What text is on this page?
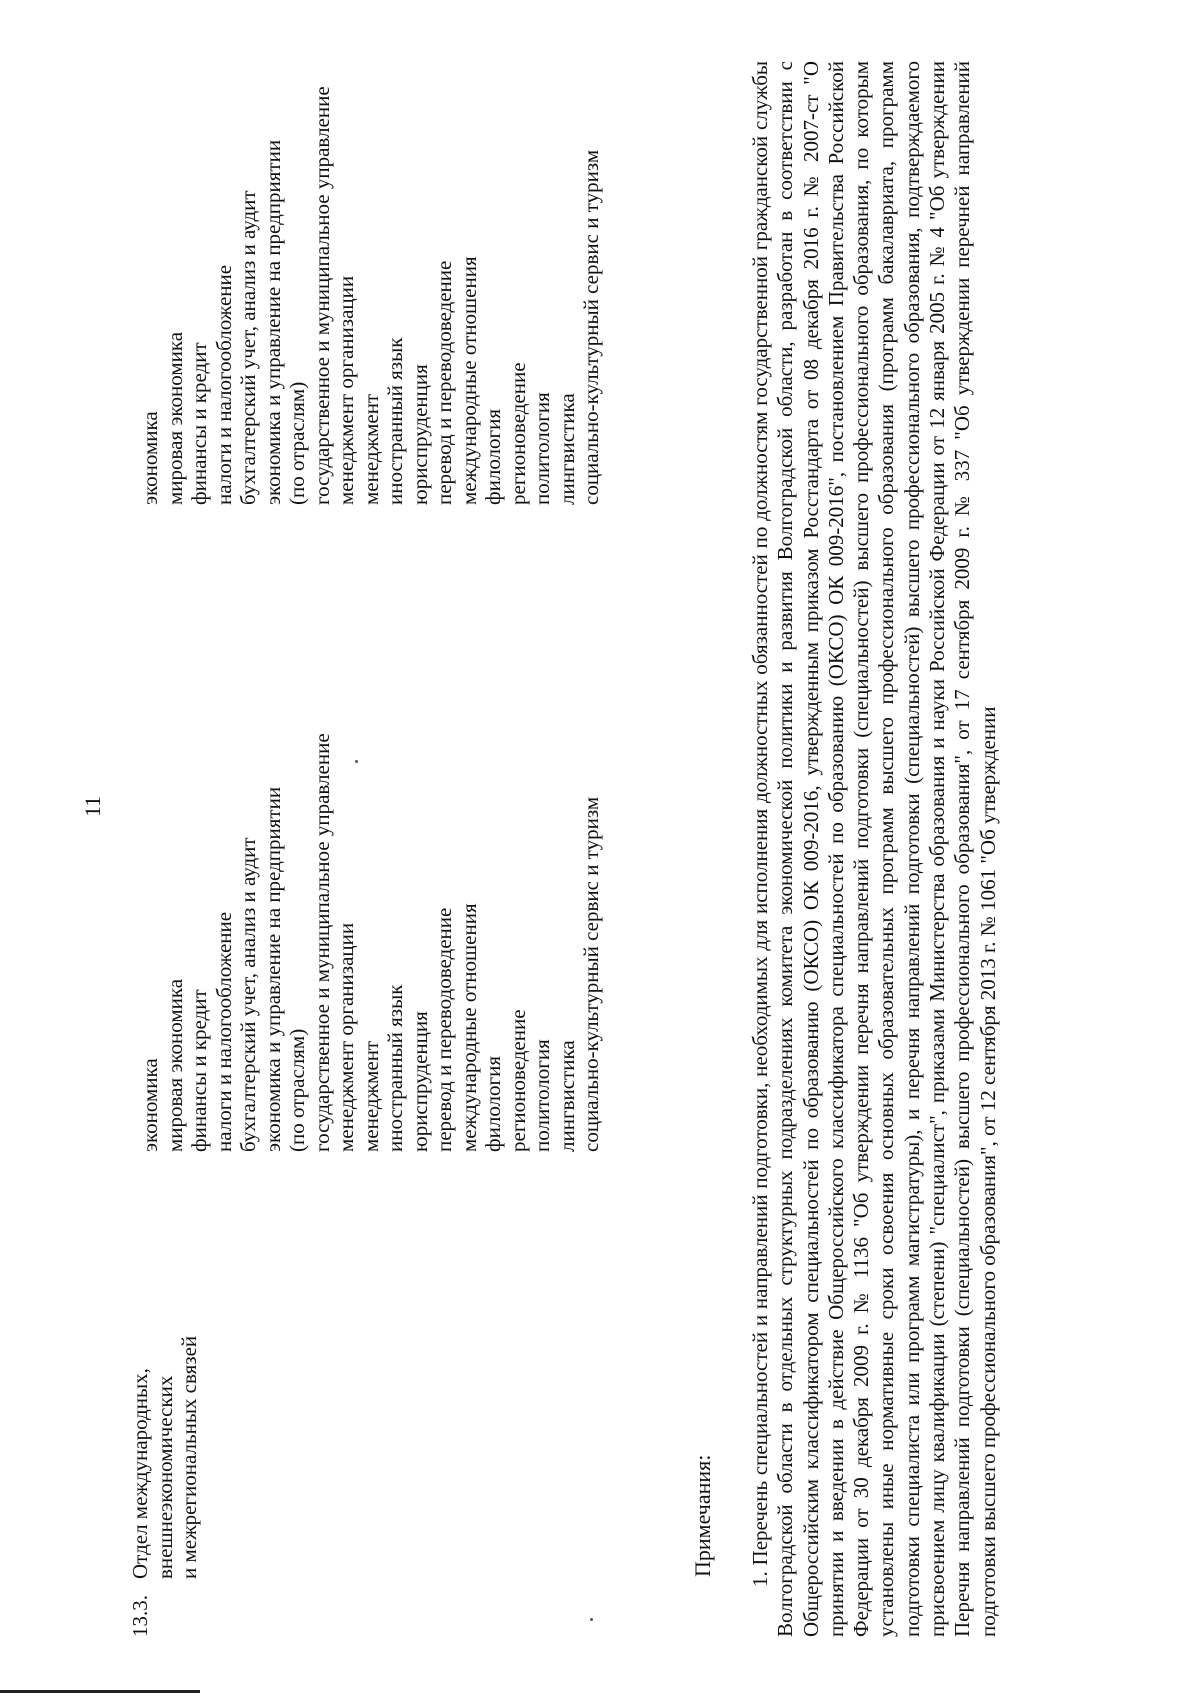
11
13.3.
Отдел международных, внешнеэкономических и межрегиональных связей
экономика мировая экономика финансы и кредит налоги и налогообложение бухгалтерский учет, анализ и аудит экономика и управление на предприятии (по отраслям) государственное и муниципальное управление менеджмент организации менеджмент иностранный язык юриспруденция перевод и переводоведение международные отношения филология регионоведение политология лингвистика социально-культурный сервис и туризм
экономика мировая экономика финансы и кредит налоги и налогообложение бухгалтерский учет, анализ и аудит экономика и управление на предприятии (по отраслям) государственное и муниципальное управление менеджмент организации менеджмент иностранный язык юриспруденция перевод и переводоведение международные отношения филология регионоведение политология лингвистика социально-культурный сервис и туризм
Примечания: 1. Перечень специальностей и направлений подготовки, необходимых для исполнения должностных обязанностей по должностям государственной гражданской службы Волгоградской области в отдельных структурных подразделениях комитета экономической политики и развития Волгоградской области, разработан в соответствии с Общероссийским классификатором специальностей по образованию (ОКСО) ОК 009-2016, утвержденным приказом Росстандарта от 08 декабря 2016 г. № 2007-ст "О принятии и введении в действие Общероссийского классификатора специальностей по образованию (ОКСО) ОК 009-2016", постановлением Правительства Российской Федерации от 30 декабря 2009 г. № 1136 "Об утверждении перечня направлений подготовки (специальностей) высшего профессионального образования, по которым установлены иные нормативные сроки освоения основных образовательных программ высшего профессионального образования (программ бакалавриата, программ подготовки специалиста или программ магистратуры), и перечня направлений подготовки (специальностей) высшего профессионального образования, подтверждаемого присвоением лицу квалификации (степени) "специалист", приказами Министерства образования и науки Российской Федерации от 12 января 2005 г. № 4 "Об утверждении Перечня направлений подготовки (специальностей) высшего профессионального образования", от 17 сентября 2009 г. № 337 "Об утверждении перечней направлений подготовки высшего профессионального образования", от 12 сентября 2013 г. № 1061 "Об утверждении
